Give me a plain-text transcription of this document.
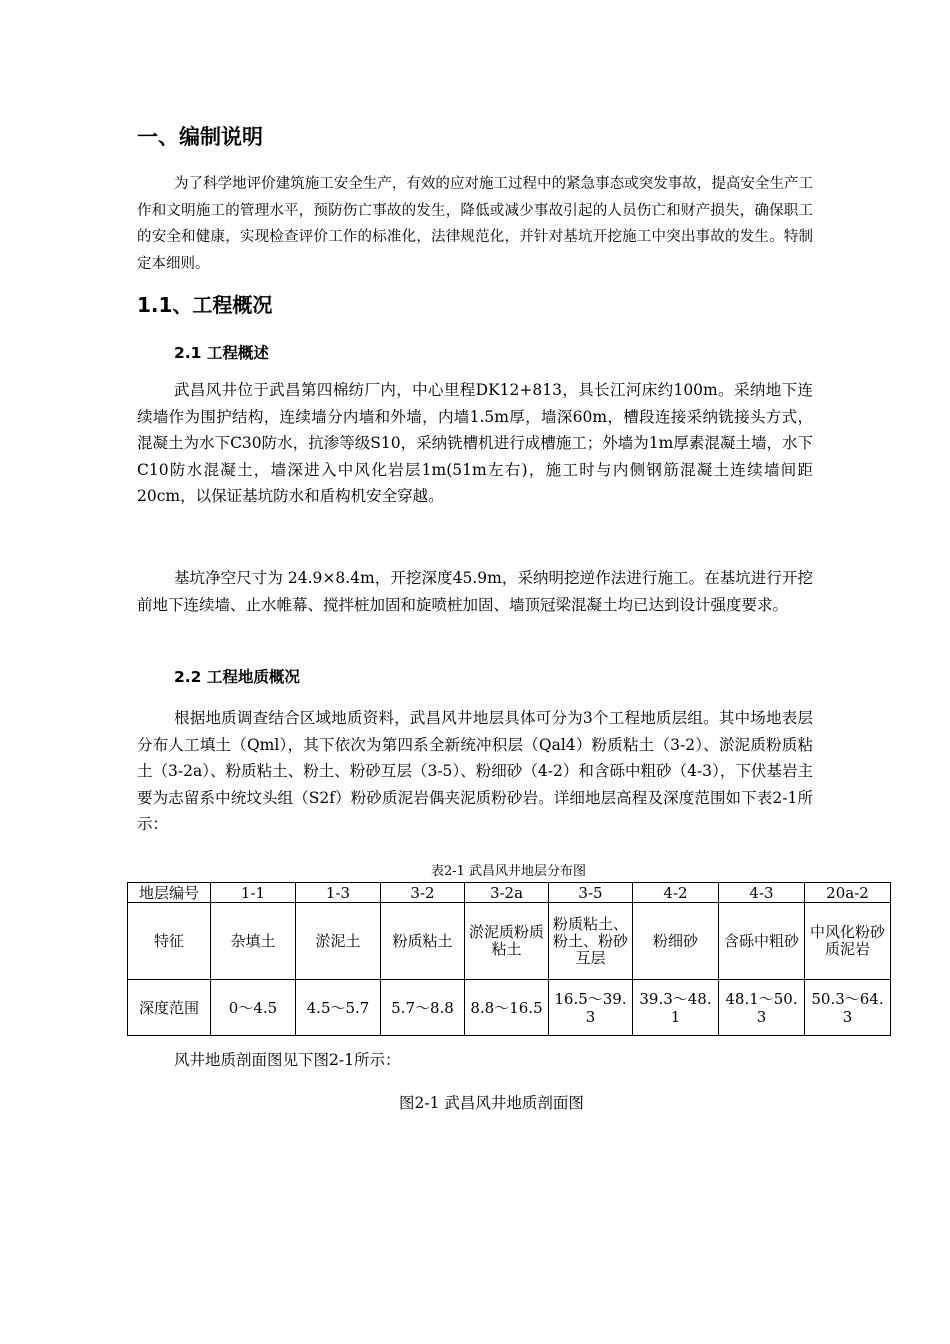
一、编制说明

为了科学地评价建筑施工安全生产，有效的应对施工过程中的紧急事态或突发事故，提高安全生产工作和文明施工的管理水平，预防伤亡事故的发生，降低或减少事故引起的人员伤亡和财产损失，确保职工的安全和健康，实现检查评价工作的标准化，法律规范化，并针对基坑开挖施工中突出事故的发生。特制定本细则。

1.1、工程概况
2.1 工程概述

武昌风井位于武昌第四棉纺厂内，中心里程DK12+813，具长江河床约100m。采纳地下连续墙作为围护结构，连续墙分内墙和外墙，内墙1.5m厚，墙深60m，槽段连接采纳铣接头方式，混凝土为水下C30防水，抗渗等级S10，采纳铣槽机进行成槽施工；外墙为1m厚素混凝土墙，水下C10防水混凝土，墙深进入中风化岩层1m(51m左右)，施工时与内侧钢筋混凝土连续墙间距20cm，以保证基坑防水和盾构机安全穿越。

基坑净空尺寸为 24.9×8.4m，开挖深度45.9m，采纳明挖逆作法进行施工。在基坑进行开挖前地下连续墙、止水帷幕、搅拌桩加固和旋喷桩加固、墙顶冠梁混凝土均已达到设计强度要求。

2.2 工程地质概况

根据地质调查结合区域地质资料，武昌风井地层具体可分为3个工程地质层组。其中场地表层分布人工填土（Qml），其下依次为第四系全新统冲积层（Qal4）粉质粘土（3-2）、淤泥质粉质粘土（3-2a）、粉质粘土、粉土、粉砂互层（3-5）、粉细砂（4-2）和含砾中粗砂（4-3），下伏基岩主要为志留系中统坟头组（S2f）粉砂质泥岩偶夹泥质粉砂岩。详细地层高程及深度范围如下表2-1所示：

表2-1 武昌风井地层分布图
地层编号	1-1	1-3	3-2	3-2a	3-5	4-2	4-3	20a-2
特征	杂填土	淤泥土	粉质粘土	淤泥质粉质粘土	粉质粘土、粉土、粉砂互层	粉细砂	含砾中粗砂	中风化粉砂质泥岩
深度范围	0～4.5	4.5～5.7	5.7～8.8	8.8～16.5	16.5～39.3	39.3～48.1	48.1～50.3	50.3～64.3

风井地质剖面图见下图2-1所示：

图2-1 武昌风井地质剖面图
